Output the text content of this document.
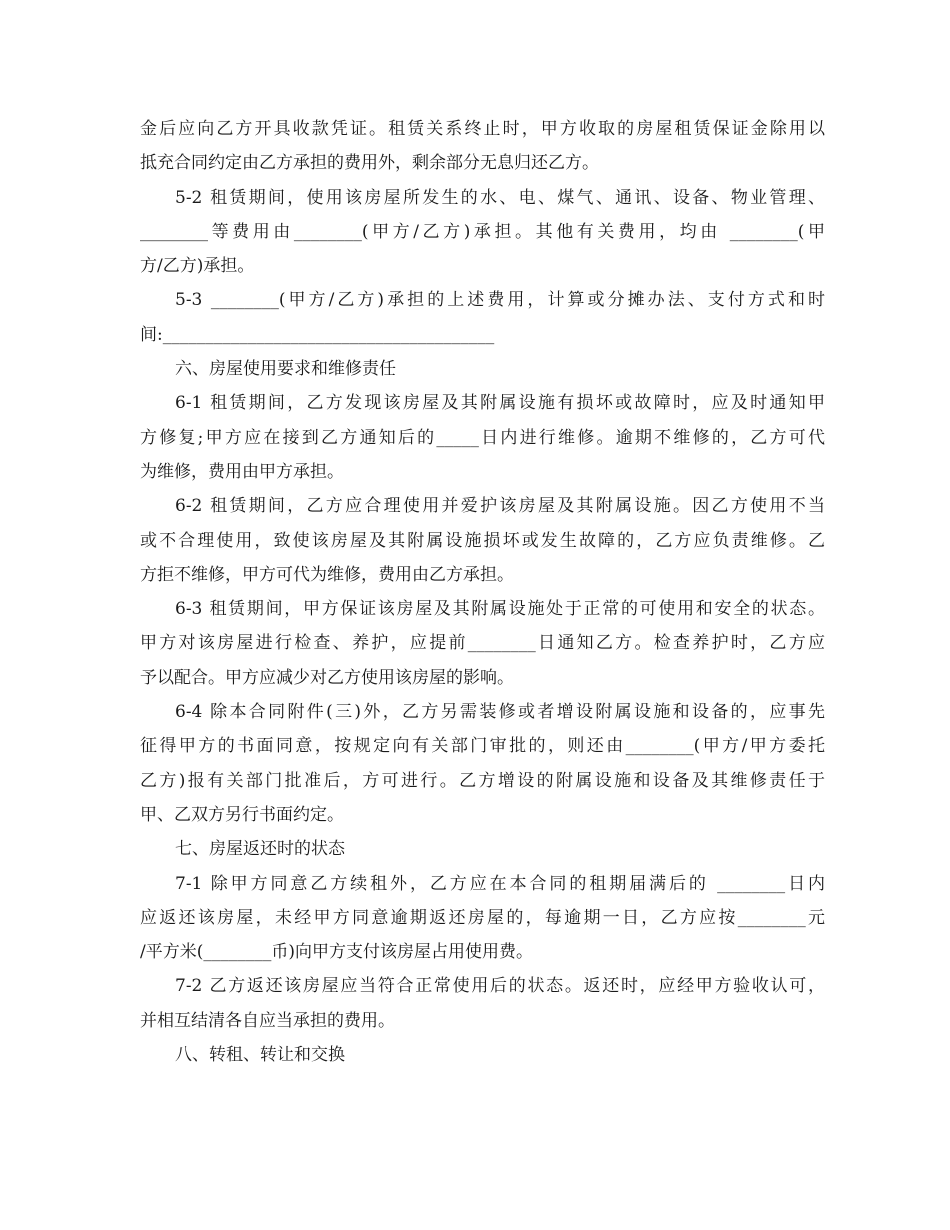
金后应向乙方开具收款凭证。租赁关系终止时，甲方收取的房屋租赁保证金除用以
抵充合同约定由乙方承担的费用外，剩余部分无息归还乙方。
5-2 租赁期间，使用该房屋所发生的水、电、煤气、通讯、设备、物业管理、
________等费用由________(甲方/乙方)承担。其他有关费用，均由 ________(甲
方/乙方)承担。
5-3 ________(甲方/乙方)承担的上述费用，计算或分摊办法、支付方式和时
间:_______________________________________
六、房屋使用要求和维修责任
6-1 租赁期间，乙方发现该房屋及其附属设施有损坏或故障时，应及时通知甲
方修复;甲方应在接到乙方通知后的_____日内进行维修。逾期不维修的，乙方可代
为维修，费用由甲方承担。
6-2 租赁期间，乙方应合理使用并爱护该房屋及其附属设施。因乙方使用不当
或不合理使用，致使该房屋及其附属设施损坏或发生故障的，乙方应负责维修。乙
方拒不维修，甲方可代为维修，费用由乙方承担。
6-3 租赁期间，甲方保证该房屋及其附属设施处于正常的可使用和安全的状态。
甲方对该房屋进行检查、养护，应提前________日通知乙方。检查养护时，乙方应
予以配合。甲方应减少对乙方使用该房屋的影响。
6-4 除本合同附件(三)外，乙方另需装修或者增设附属设施和设备的，应事先
征得甲方的书面同意，按规定向有关部门审批的，则还由________(甲方/甲方委托
乙方)报有关部门批准后，方可进行。乙方增设的附属设施和设备及其维修责任于
甲、乙双方另行书面约定。
七、房屋返还时的状态
7-1 除甲方同意乙方续租外，乙方应在本合同的租期届满后的 ________日内
应返还该房屋，未经甲方同意逾期返还房屋的，每逾期一日，乙方应按________元
/平方米(________币)向甲方支付该房屋占用使用费。
7-2 乙方返还该房屋应当符合正常使用后的状态。返还时，应经甲方验收认可，
并相互结清各自应当承担的费用。
八、转租、转让和交换
